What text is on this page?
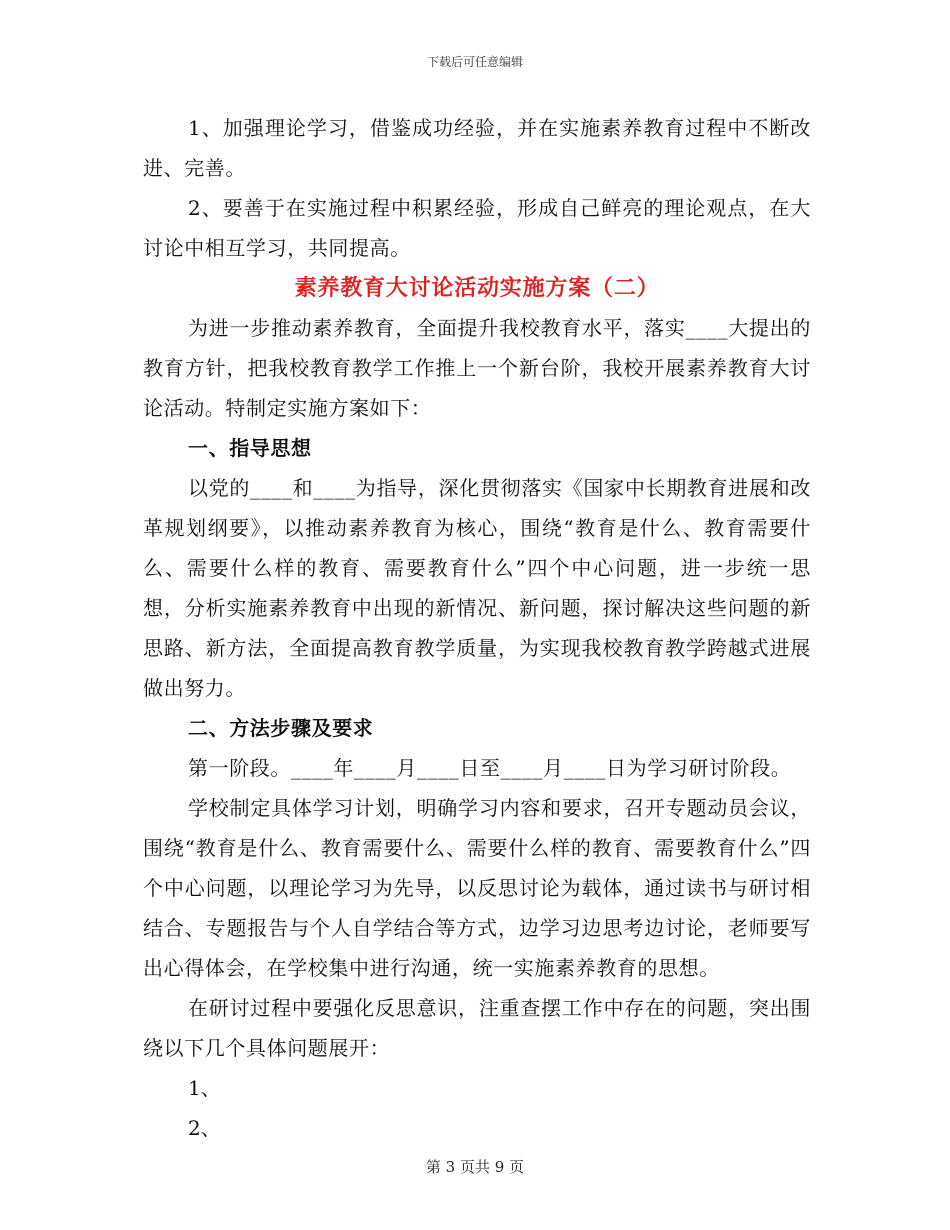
下载后可任意编辑

1、加强理论学习，借鉴成功经验，并在实施素养教育过程中不断改进、完善。

2、要善于在实施过程中积累经验，形成自己鲜亮的理论观点，在大讨论中相互学习，共同提高。

素养教育大讨论活动实施方案（二）

为进一步推动素养教育，全面提升我校教育水平，落实____大提出的教育方针，把我校教育教学工作推上一个新台阶，我校开展素养教育大讨论活动。特制定实施方案如下：

一、指导思想

以党的____和____为指导，深化贯彻落实《国家中长期教育进展和改革规划纲要》，以推动素养教育为核心，围绕“教育是什么、教育需要什么、需要什么样的教育、需要教育什么”四个中心问题，进一步统一思想，分析实施素养教育中出现的新情况、新问题，探讨解决这些问题的新思路、新方法，全面提高教育教学质量，为实现我校教育教学跨越式进展做出努力。

二、方法步骤及要求

第一阶段。____年____月____日至____月____日为学习研讨阶段。

学校制定具体学习计划，明确学习内容和要求，召开专题动员会议，围绕“教育是什么、教育需要什么、需要什么样的教育、需要教育什么”四个中心问题，以理论学习为先导，以反思讨论为载体，通过读书与研讨相结合、专题报告与个人自学结合等方式，边学习边思考边讨论，老师要写出心得体会，在学校集中进行沟通，统一实施素养教育的思想。

在研讨过程中要强化反思意识，注重查摆工作中存在的问题，突出围绕以下几个具体问题展开：

1、

2、

第 3 页共 9 页
